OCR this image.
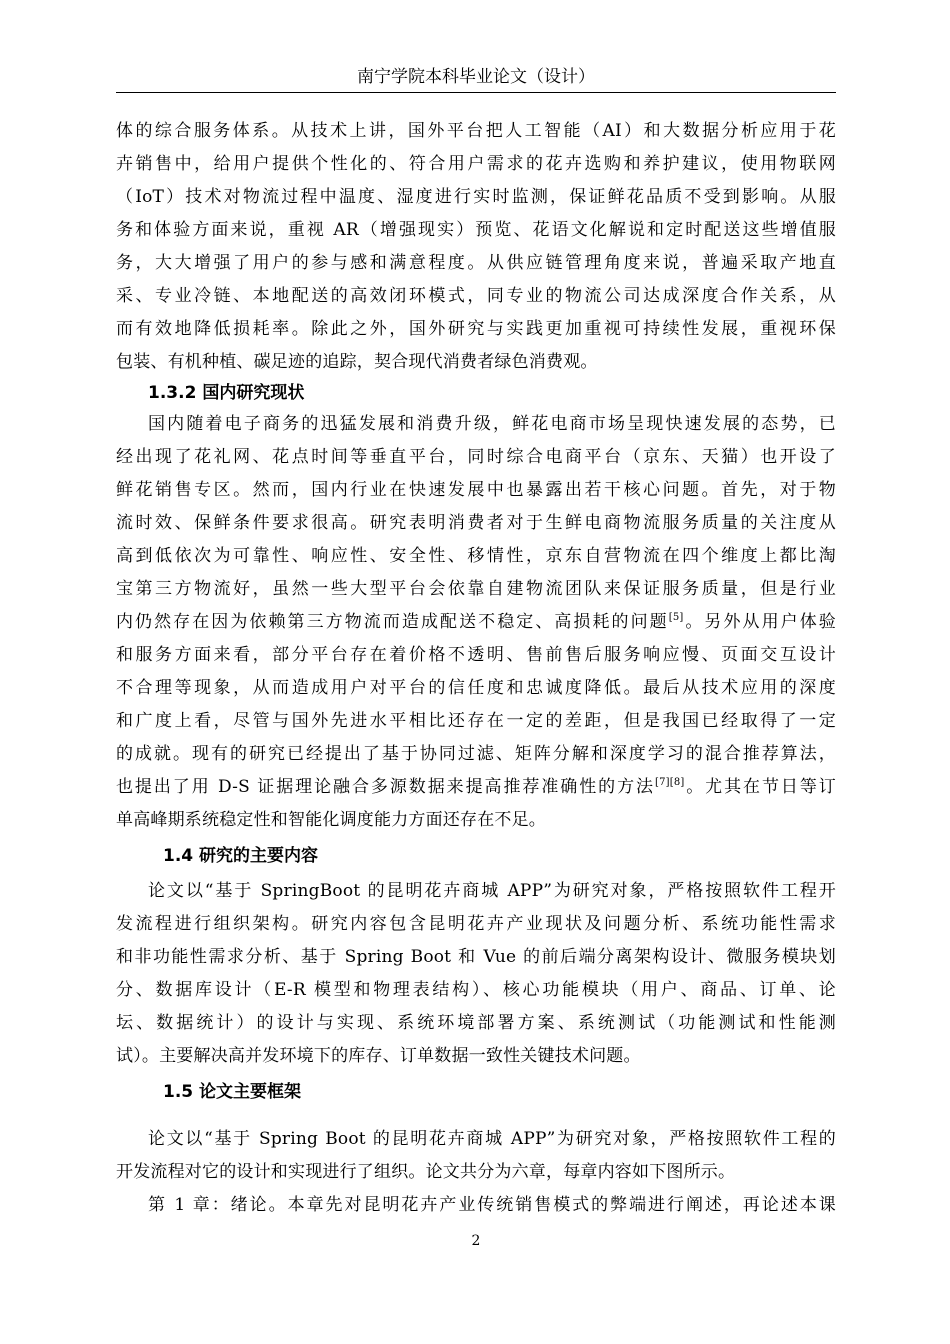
南宁学院本科毕业论文（设计）
体的综合服务体系。从技术上讲，国外平台把人工智能（AI）和大数据分析应用于花
卉销售中，给用户提供个性化的、符合用户需求的花卉选购和养护建议，使用物联网
（IoT）技术对物流过程中温度、湿度进行实时监测，保证鲜花品质不受到影响。从服
务和体验方面来说，重视 AR（增强现实）预览、花语文化解说和定时配送这些增值服
务，大大增强了用户的参与感和满意程度。从供应链管理角度来说，普遍采取产地直
采、专业冷链、本地配送的高效闭环模式，同专业的物流公司达成深度合作关系，从
而有效地降低损耗率。除此之外，国外研究与实践更加重视可持续性发展，重视环保
包装、有机种植、碳足迹的追踪，契合现代消费者绿色消费观。
1.3.2 国内研究现状
国内随着电子商务的迅猛发展和消费升级，鲜花电商市场呈现快速发展的态势，已
经出现了花礼网、花点时间等垂直平台，同时综合电商平台（京东、天猫）也开设了
鲜花销售专区。然而，国内行业在快速发展中也暴露出若干核心问题。首先，对于物
流时效、保鲜条件要求很高。研究表明消费者对于生鲜电商物流服务质量的关注度从
高到低依次为可靠性、响应性、安全性、移情性，京东自营物流在四个维度上都比淘
宝第三方物流好，虽然一些大型平台会依靠自建物流团队来保证服务质量，但是行业
内仍然存在因为依赖第三方物流而造成配送不稳定、高损耗的问题[5]。另外从用户体验
和服务方面来看，部分平台存在着价格不透明、售前售后服务响应慢、页面交互设计
不合理等现象，从而造成用户对平台的信任度和忠诚度降低。最后从技术应用的深度
和广度上看，尽管与国外先进水平相比还存在一定的差距，但是我国已经取得了一定
的成就。现有的研究已经提出了基于协同过滤、矩阵分解和深度学习的混合推荐算法，
也提出了用 D-S 证据理论融合多源数据来提高推荐准确性的方法[7][8]。尤其在节日等订
单高峰期系统稳定性和智能化调度能力方面还存在不足。
1.4 研究的主要内容
论文以“基于 SpringBoot 的昆明花卉商城 APP”为研究对象，严格按照软件工程开
发流程进行组织架构。研究内容包含昆明花卉产业现状及问题分析、系统功能性需求
和非功能性需求分析、基于 Spring Boot 和 Vue 的前后端分离架构设计、微服务模块划
分、数据库设计（E-R 模型和物理表结构）、核心功能模块（用户、商品、订单、论
坛、数据统计）的设计与实现、系统环境部署方案、系统测试（功能测试和性能测
试）。主要解决高并发环境下的库存、订单数据一致性关键技术问题。
1.5 论文主要框架
论文以“基于 Spring Boot 的昆明花卉商城 APP”为研究对象，严格按照软件工程的
开发流程对它的设计和实现进行了组织。论文共分为六章，每章内容如下图所示。
第 1 章：绪论。本章先对昆明花卉产业传统销售模式的弊端进行阐述，再论述本课
2
